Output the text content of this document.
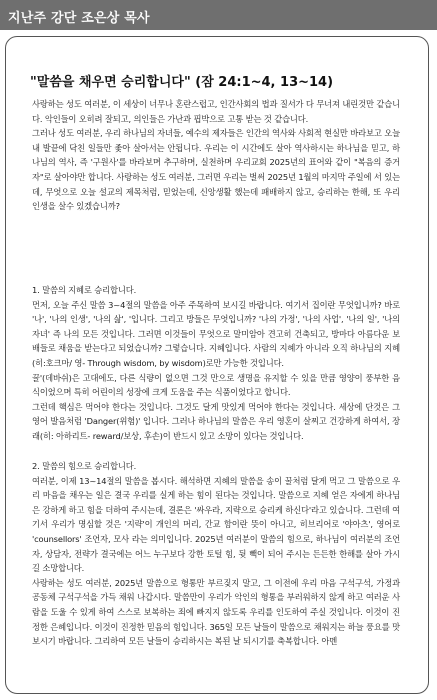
지난주 강단 조은상 목사
"말씀을 채우면 승리합니다" (잠 24:1~4, 13~14)

사랑하는 성도 여러분, 이 세상이 너무나 혼란스럽고, 인간사회의 법과 질서가 다 무너져 내린것만 같습니다. 악인들이 오히려 잘되고, 의인들은 가난과 핍박으로 고통 받는 것 같습니다.

그러나 성도 여러분, 우리 하나님의 자녀들, 예수의 제자들은 인간의 역사와 사회적 현실만 바라보고 오늘 내 발끝에 닥친 일들만 좇아 살아서는 안됩니다. 우리는 이 시간에도 살아 역사하시는 하나님을 믿고, 하나님의 역사, 즉 '구원사'를 바라보며 추구하며, 실천하며 우리교회 2025년의 표어와 같이 "복음의 증거자"로 살아야만 합니다. 사랑하는 성도 여러분, 그러면 우리는 벌써 2025년 1월의 마지막 주일에 서 있는데, 무엇으로 오늘 설교의 제목처럼, 믿었는데, 신앙생활 했는데 패배하지 않고, 승리하는 한해, 또 우리 인생을 살수 있겠습니까?

1. 말씀의 지혜로 승리합니다.

먼저, 오늘 주신 말씀 3~4절의 말씀을 아주 주목하여 보시길 바랍니다. 여기서 집이란 무엇입니까? 바로 '나', '나의 인생', '나의 삶', '입니다. 그리고 방들은 무엇입니까? '나의 가정', '나의 사업', '나의 일', '나의 자녀' 즉 나의 모든 것입니다. 그러면 이것들이 무엇으로 말미암아 견고히 건축되고, 방마다 아름다운 보배들로 채움을 받는다고 되었습니까? 그렇습니다. 지혜입니다. 사람의 지혜가 아니라 오직 하나님의 지혜(히:호크마/ 영- Through wisdom, by wisdom)로만 가능한 것입니다.

꿀'(데바쉬)은 고대에도, 다른 식량이 없으면 그것 만으로 생명을 유지할 수 있을 만큼 영양이 풍부한 음식이었으며 특히 어린이의 성장에 크게 도움을 주는 식품이었다고 합니다.

그런데 핵심은 먹어야 한다는 것입니다. 그것도 달게 맛있게 먹어야 한다는 것입니다. 세상에 단것은 그 영어 발음처럼 'Danger(위험)' 입니다. 그러나 하나님의 말씀은 우리 영혼이 살찌고 건강하게 하여서, 장래(히: 아하리트- reward/보상, 후손)이 반드시 있고 소망이 있다는 것입니다.

2. 말씀의 힘으로 승리합니다.

여러분, 이제 13~14절의 말씀을 봅시다. 해석하면 지혜의 말씀을 송이 꿀처럼 달게 먹고 그 말씀으로 우리 마음을 채우는 일은 결국 우리를 실게 하는 힘이 된다는 것입니다. 말씀으로 지혜 얻은 자에게 하나님은 강하게 하고 힘을 더하여 주시는데, 결론은 '싸우라, 지략으로 승리케 하신다'라고 있습니다. 그런데 여기서 우리가 명심할 것은 '지략'이 개인의 머리, 간교 함이란 뜻이 아니고, 히브리어로 '야아츠', 영어로 'counsellors' 조언자, 모사 라는 의미입니다. 2025년 여러분이 말씀의 힘으로, 하나님이 여러분의 조언자, 상담자, 전략가 결국에는 어느 누구보다 강한 토털 힘, 뒷 빽이 되어 주시는 든든한 한해를 살아 가시길 소망합니다.

사랑하는 성도 여러분, 2025년 말씀으로 형통만 부르짖지 말고, 그 이전에 우리 마음 구석구석, 가정과 공동체 구석구석을 가득 채워 나갑시다. 말씀만이 우리가 악인의 형통을 부러워하지 않게 하고 여러운 사람을 도울 수 있게 하여 스스로 보복하는 죄에 빠지지 않도록 우리를 인도하여 주실 것입니다. 이것이 진정한 은혜입니다. 이것이 진정한 믿음의 힘입니다. 365일 모든 날들이 말씀으로 채워지는 하늘 풍요를 맛보시기 바랍니다. 그리하여 모든 날들이 승리하시는 복된 날 되시기를 축복합니다. 아멘
